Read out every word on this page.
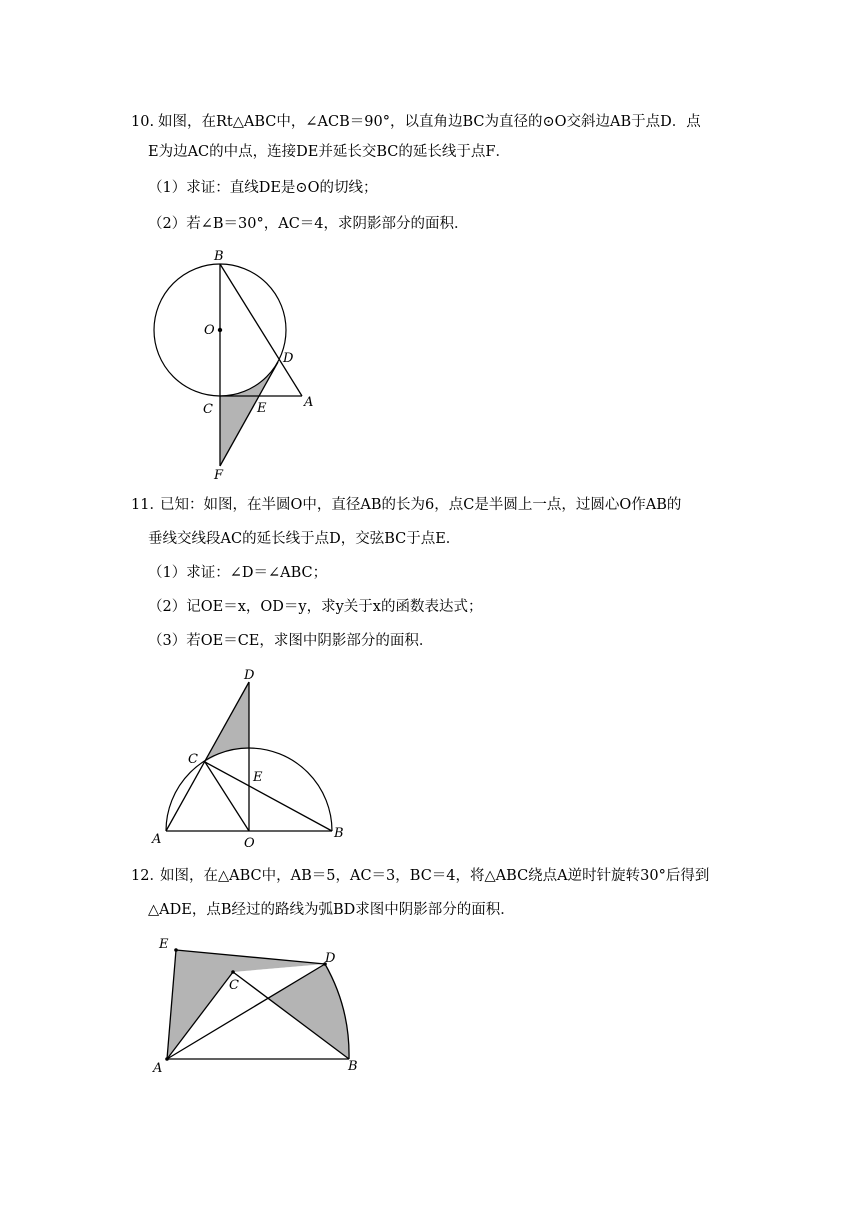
10. 如图，在Rt△ABC中，∠ACB＝90°，以直角边BC为直径的⊙O交斜边AB于点D．点
E为边AC的中点，连接DE并延长交BC的延长线于点F．
（1）求证：直线DE是⊙O的切线；
（2）若∠B＝30°，AC＝4，求阴影部分的面积．
B
O
D
C	E	A
F
11．
已知：如图，在半圆O中，直径AB的长为6，点C是半圆上一点，过圆心O作AB的
垂线交线段AC的延长线于点D，交弦BC于点E．
（1）求证：∠D＝∠ABC；
（2）记OE＝x，OD＝y，求y关于x的函数表达式；
（3）若OE＝CE，求图中阴影部分的面积．
D
C
E
A	O
B
12．
如图，在△ABC中，AB＝5，AC＝3，BC＝4，将△ABC绕点A逆时针旋转30°后得到
△ADE，点B经过的路线为弧BD求图中阴影部分的面积．
E
D
C
A	B
